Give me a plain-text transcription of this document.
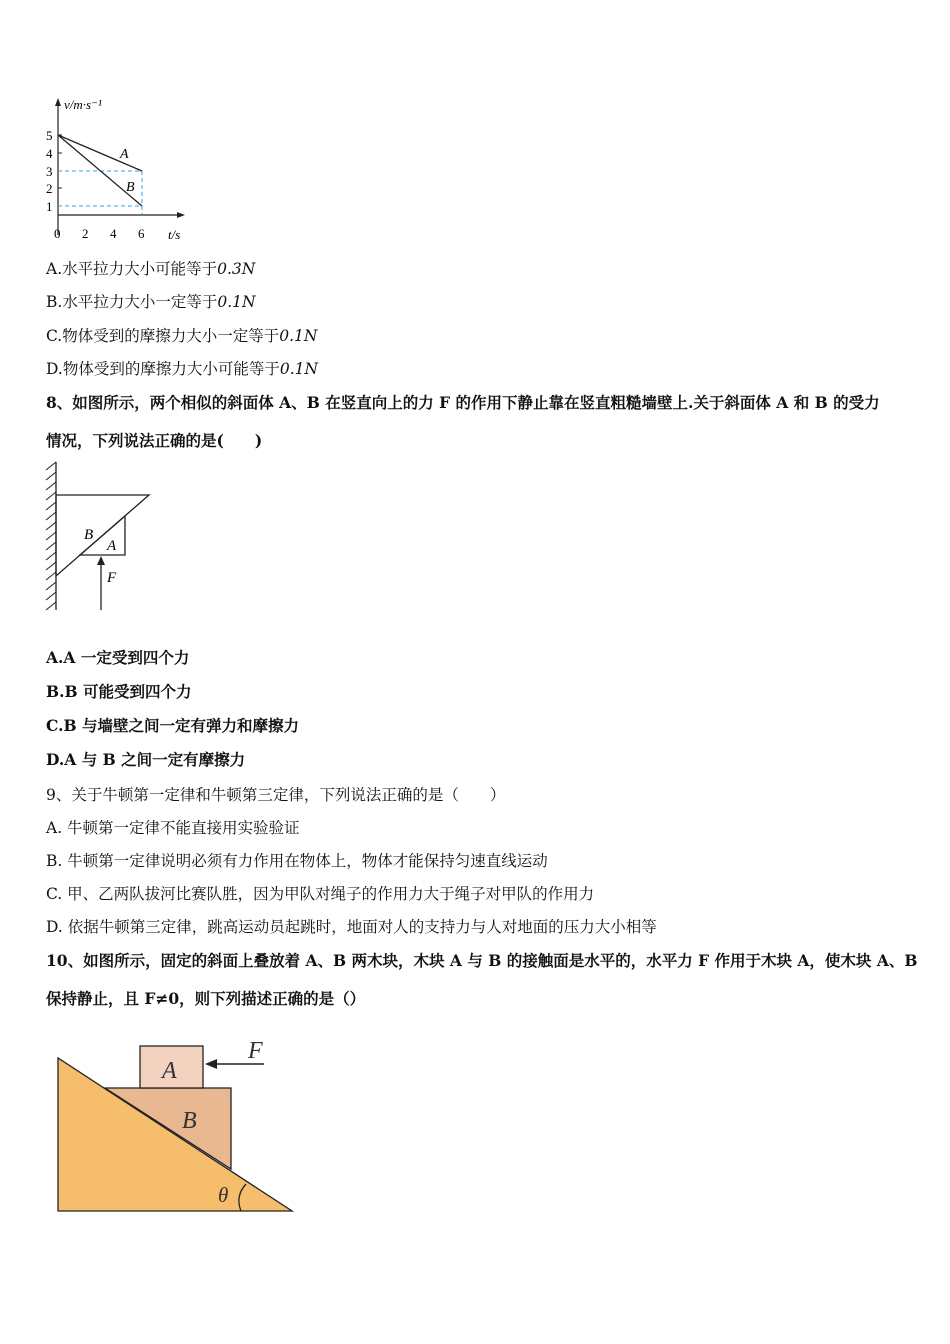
v/m·s⁻¹
t/s
5
4
3
2
1
0 2 4 6
A
B
A.水平拉力大小可能等于0.3N
B.水平拉力大小一定等于0.1N
C.物体受到的摩擦力大小一定等于0.1N
D.物体受到的摩擦力大小可能等于0.1N
8、如图所示，两个相似的斜面体 A、B 在竖直向上的力 F 的作用下静止靠在竖直粗糙墙壁上.关于斜面体 A 和 B 的受力
情况，下列说法正确的是(　　)
B
A
F
A.A 一定受到四个力
B.B 可能受到四个力
C.B 与墙壁之间一定有弹力和摩擦力
D.A 与 B 之间一定有摩擦力
9、关于牛顿第一定律和牛顿第三定律，下列说法正确的是（　　）
A. 牛顿第一定律不能直接用实验验证
B. 牛顿第一定律说明必须有力作用在物体上，物体才能保持匀速直线运动
C. 甲、乙两队拔河比赛队胜，因为甲队对绳子的作用力大于绳子对甲队的作用力
D. 依据牛顿第三定律，跳高运动员起跳时，地面对人的支持力与人对地面的压力大小相等
10、如图所示，固定的斜面上叠放着 A、B 两木块，木块 A 与 B 的接触面是水平的，水平力 F 作用于木块 A，使木块 A、B
保持静止，且 F≠0，则下列描述正确的是（）
A
B
F
θ
